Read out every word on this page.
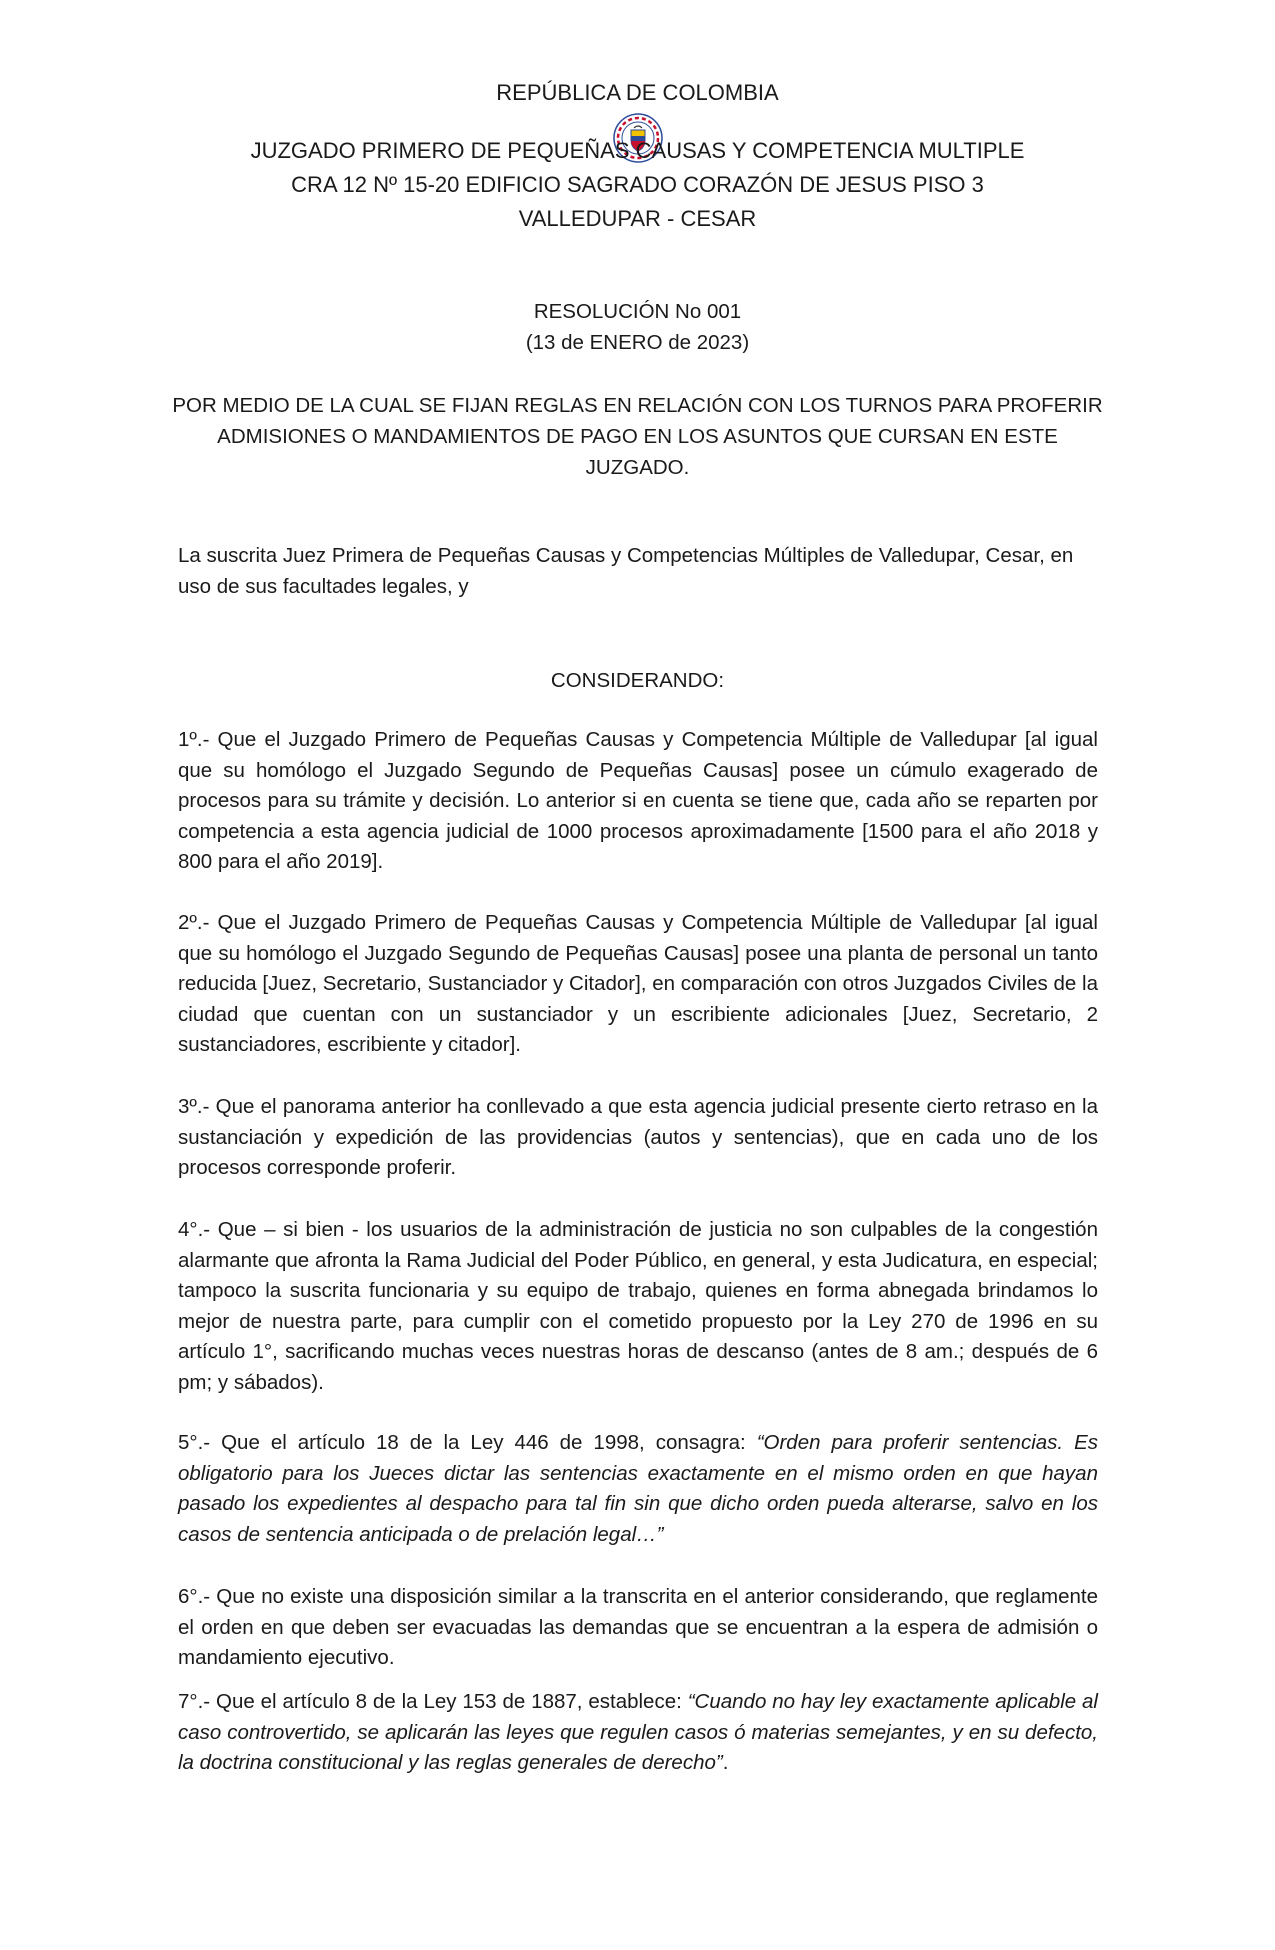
REPÚBLICA DE COLOMBIA
JUZGADO PRIMERO DE PEQUEÑAS CAUSAS Y COMPETENCIA MULTIPLE
CRA 12 Nº 15-20 EDIFICIO SAGRADO CORAZÓN DE JESUS PISO 3
VALLEDUPAR - CESAR
RESOLUCIÓN No 001
(13 de ENERO de 2023)
POR MEDIO DE LA CUAL SE FIJAN REGLAS EN RELACIÓN CON LOS TURNOS PARA PROFERIR
ADMISIONES O MANDAMIENTOS DE PAGO EN LOS ASUNTOS QUE CURSAN EN ESTE
JUZGADO.
La suscrita Juez Primera de Pequeñas Causas y Competencias Múltiples de Valledupar, Cesar, en uso de sus facultades legales, y
CONSIDERANDO:
1º.- Que el Juzgado Primero de Pequeñas Causas y Competencia Múltiple de Valledupar [al igual que su homólogo el Juzgado Segundo de Pequeñas Causas] posee un cúmulo exagerado de procesos para su trámite y decisión. Lo anterior si en cuenta se tiene que, cada año se reparten por competencia a esta agencia judicial de 1000 procesos aproximadamente [1500 para el año 2018 y 800 para el año 2019].
2º.- Que el Juzgado Primero de Pequeñas Causas y Competencia Múltiple de Valledupar [al igual que su homólogo el Juzgado Segundo de Pequeñas Causas] posee una planta de personal un tanto reducida [Juez, Secretario, Sustanciador y Citador], en comparación con otros Juzgados Civiles de la ciudad que cuentan con un sustanciador y un escribiente adicionales [Juez, Secretario, 2 sustanciadores, escribiente y citador].
3º.- Que el panorama anterior ha conllevado a que esta agencia judicial presente cierto retraso en la sustanciación y expedición de las providencias (autos y sentencias), que en cada uno de los procesos corresponde proferir.
4°.- Que – si bien - los usuarios de la administración de justicia no son culpables de la congestión alarmante que afronta la Rama Judicial del Poder Público, en general, y esta Judicatura, en especial; tampoco la suscrita funcionaria y su equipo de trabajo, quienes en forma abnegada brindamos lo mejor de nuestra parte, para cumplir con el cometido propuesto por la Ley 270 de 1996 en su artículo 1°, sacrificando muchas veces nuestras horas de descanso (antes de 8 am.; después de 6 pm; y sábados).
5°.- Que el artículo 18 de la Ley 446 de 1998, consagra: “Orden para proferir sentencias. Es obligatorio para los Jueces dictar las sentencias exactamente en el mismo orden en que hayan pasado los expedientes al despacho para tal fin sin que dicho orden pueda alterarse, salvo en los casos de sentencia anticipada o de prelación legal…”
6°.- Que no existe una disposición similar a la transcrita en el anterior considerando, que reglamente el orden en que deben ser evacuadas las demandas que se encuentran a la espera de admisión o mandamiento ejecutivo.
7°.- Que el artículo 8 de la Ley 153 de 1887, establece: “Cuando no hay ley exactamente aplicable al caso controvertido, se aplicarán las leyes que regulen casos ó materias semejantes, y en su defecto, la doctrina constitucional y las reglas generales de derecho”.
